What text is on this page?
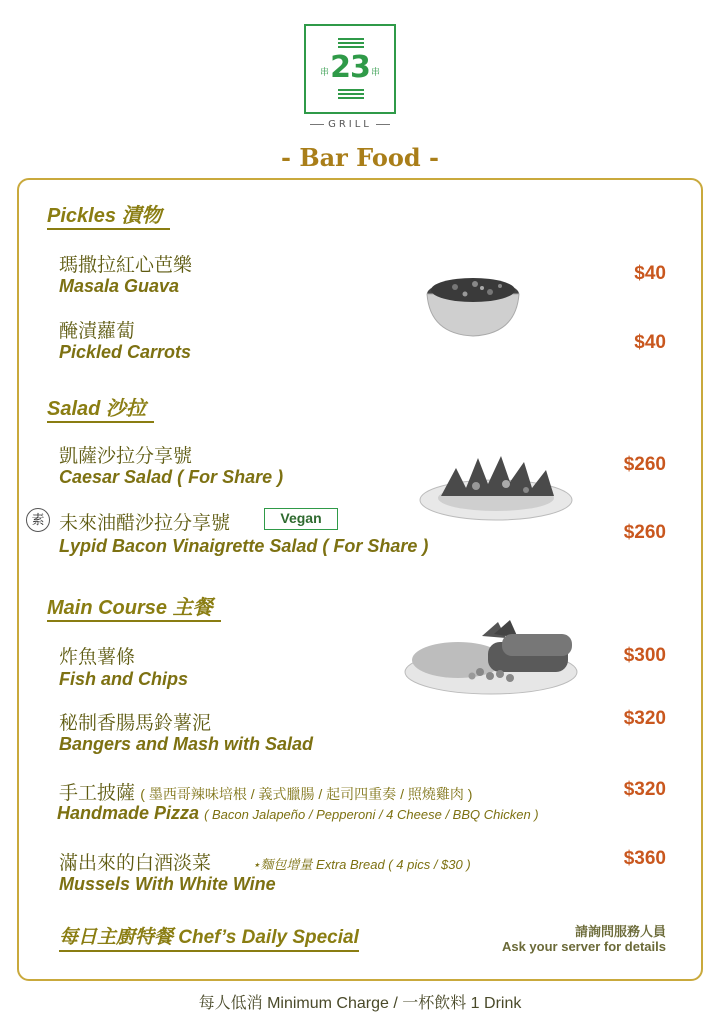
串 23 串
GRILL
- Bar Food -
Pickles 漬物
瑪撒拉紅心芭樂
Masala Guava
$40
醃漬蘿蔔
Pickled Carrots	$40
Salad 沙拉
凱薩沙拉分享號
Caesar Salad ( For Share )
$260
素 未來油醋沙拉分享號	Vegan
Lypid Bacon Vinaigrette Salad ( For Share )
$260
Main Course 主餐
炸魚薯條
Fish and Chips
$300
秘制香腸馬鈴薯泥
Bangers and Mash with Salad
$320
手工披薩 ( 墨西哥辣味培根 / 義式臘腸 / 起司四重奏 / 照燒雞肉 )
Handmade Pizza ( Bacon Jalapeño / Pepperoni / 4 Cheese / BBQ Chicken )
$320
滿出來的白酒淡菜	⋆麵包增量 Extra Bread ( 4 pics / $30 )
Mussels With White Wine
$360
每日主廚特餐 Chef’s Daily Special	請詢問服務人員
Ask your server for details
每人低消 Minimum Charge / 一杯飲料 1 Drink
